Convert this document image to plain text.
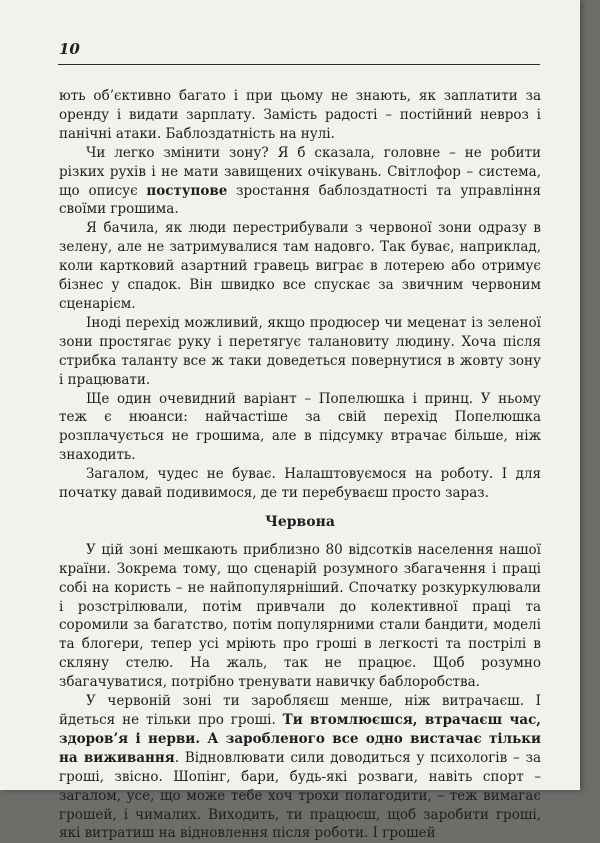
10

ють об’єктивно багато і при цьому не знають, як заплатити за оренду і видати зарплату. Замість радості – постійний невроз і панічні атаки. Баблоздатність на нулі.

Чи легко змінити зону? Я б сказала, головне – не робити різких рухів і не мати завищених очікувань. Світлофор – система, що описує поступове зростання баблоздатності та управління своїми грошима.

Я бачила, як люди перестрибували з червоної зони одразу в зелену, але не затримувалися там надовго. Так буває, наприклад, коли картковий азартний гравець виграє в лотерею або отримує бізнес у спадок. Він швидко все спускає за звичним червоним сценарієм.

Іноді перехід можливий, якщо продюсер чи меценат із зеленої зони простягає руку і перетягує талановиту людину. Хоча після стрибка таланту все ж таки доведеться повернутися в жовту зону і працювати.

Ще один очевидний варіант – Попелюшка і принц. У ньому теж є нюанси: найчастіше за свій перехід Попелюшка розплачується не грошима, але в підсумку втрачає більше, ніж знаходить.

Загалом, чудес не буває. Налаштовуємося на роботу. І для початку давай подивимося, де ти перебуваєш просто зараз.

Червона

У цій зоні мешкають приблизно 80 відсотків населення нашої країни. Зокрема тому, що сценарій розумного збагачення і праці собі на користь – не найпопулярніший. Спочатку розкуркулювали і розстрілювали, потім привчали до колективної праці та соромили за багатство, потім популярними стали бандити, моделі та блогери, тепер усі мріють про гроші в легкості та пострілі в скляну стелю. На жаль, так не працює. Щоб розумно збагачуватися, потрібно тренувати навичку баблоробства.

У червоній зоні ти заробляєш менше, ніж витрачаєш. І йдеться не тільки про гроші. Ти втомлюєшся, втрачаєш час, здоров’я і нерви. А заробленого все одно вистачає тільки на виживання. Відновлювати сили доводиться у психологів – за гроші, звісно. Шопінг, бари, будь-які розваги, навіть спорт – загалом, усе, що може тебе хоч трохи полагодити, – теж вимагає грошей, і чималих. Виходить, ти працюєш, щоб заробити гроші, які витратиш на відновлення після роботи. І грошей
